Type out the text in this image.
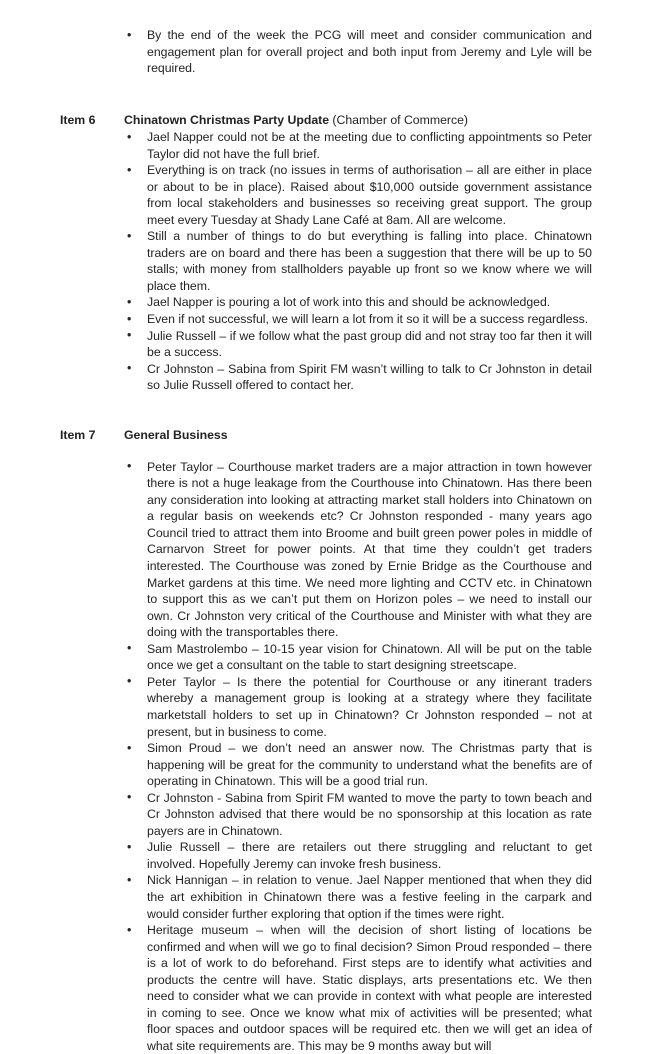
• By the end of the week the PCG will meet and consider communication and engagement plan for overall project and both input from Jeremy and Lyle will be required.
Item 6 Chinatown Christmas Party Update (Chamber of Commerce)
• Jael Napper could not be at the meeting due to conflicting appointments so Peter Taylor did not have the full brief.
• Everything is on track (no issues in terms of authorisation – all are either in place or about to be in place). Raised about $10,000 outside government assistance from local stakeholders and businesses so receiving great support. The group meet every Tuesday at Shady Lane Café at 8am. All are welcome.
• Still a number of things to do but everything is falling into place. Chinatown traders are on board and there has been a suggestion that there will be up to 50 stalls; with money from stallholders payable up front so we know where we will place them.
• Jael Napper is pouring a lot of work into this and should be acknowledged.
• Even if not successful, we will learn a lot from it so it will be a success regardless.
• Julie Russell – if we follow what the past group did and not stray too far then it will be a success.
• Cr Johnston – Sabina from Spirit FM wasn’t willing to talk to Cr Johnston in detail so Julie Russell offered to contact her.
Item 7 General Business
• Peter Taylor – Courthouse market traders are a major attraction in town however there is not a huge leakage from the Courthouse into Chinatown. Has there been any consideration into looking at attracting market stall holders into Chinatown on a regular basis on weekends etc? Cr Johnston responded - many years ago Council tried to attract them into Broome and built green power poles in middle of Carnarvon Street for power points. At that time they couldn’t get traders interested. The Courthouse was zoned by Ernie Bridge as the Courthouse and Market gardens at this time. We need more lighting and CCTV etc. in Chinatown to support this as we can’t put them on Horizon poles – we need to install our own. Cr Johnston very critical of the Courthouse and Minister with what they are doing with the transportables there.
• Sam Mastrolembo – 10-15 year vision for Chinatown. All will be put on the table once we get a consultant on the table to start designing streetscape.
• Peter Taylor – Is there the potential for Courthouse or any itinerant traders whereby a management group is looking at a strategy where they facilitate marketstall holders to set up in Chinatown? Cr Johnston responded – not at present, but in business to come.
• Simon Proud – we don’t need an answer now. The Christmas party that is happening will be great for the community to understand what the benefits are of operating in Chinatown. This will be a good trial run.
• Cr Johnston - Sabina from Spirit FM wanted to move the party to town beach and Cr Johnston advised that there would be no sponsorship at this location as rate payers are in Chinatown.
• Julie Russell – there are retailers out there struggling and reluctant to get involved. Hopefully Jeremy can invoke fresh business.
• Nick Hannigan – in relation to venue. Jael Napper mentioned that when they did the art exhibition in Chinatown there was a festive feeling in the carpark and would consider further exploring that option if the times were right.
• Heritage museum – when will the decision of short listing of locations be confirmed and when will we go to final decision? Simon Proud responded – there is a lot of work to do beforehand. First steps are to identify what activities and products the centre will have. Static displays, arts presentations etc. We then need to consider what we can provide in context with what people are interested in coming to see. Once we know what mix of activities will be presented; what floor spaces and outdoor spaces will be required etc. then we will get an idea of what site requirements are. This may be 9 months away but will
